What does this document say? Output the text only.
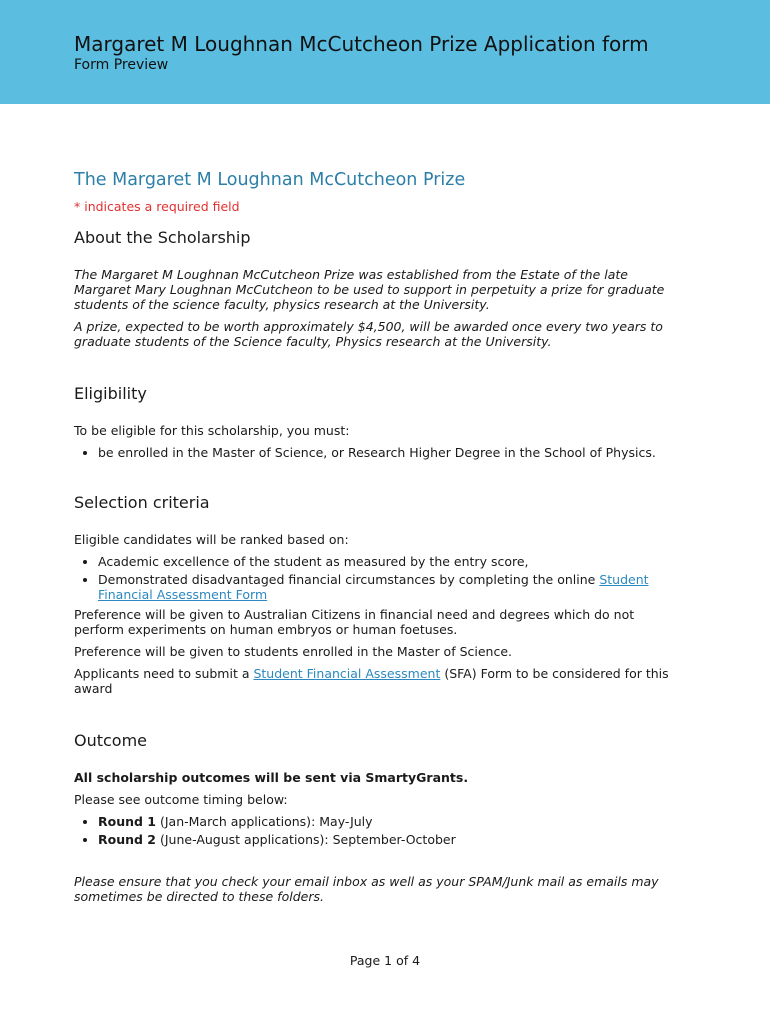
Margaret M Loughnan McCutcheon Prize Application form
Form Preview
The Margaret M Loughnan McCutcheon Prize
* indicates a required field
About the Scholarship

The Margaret M Loughnan McCutcheon Prize was established from the Estate of the late Margaret Mary Loughnan McCutcheon to be used to support in perpetuity a prize for graduate students of the science faculty, physics research at the University.

A prize, expected to be worth approximately $4,500, will be awarded once every two years to graduate students of the Science faculty, Physics research at the University.

Eligibility

To be eligible for this scholarship, you must:

• be enrolled in the Master of Science, or Research Higher Degree in the School of Physics.
Selection criteria

Eligible candidates will be ranked based on:

• Academic excellence of the student as measured by the entry score,
• Demonstrated disadvantaged financial circumstances by completing the online Student Financial Assessment Form

Preference will be given to Australian Citizens in financial need and degrees which do not perform experiments on human embryos or human foetuses.

Preference will be given to students enrolled in the Master of Science.

Applicants need to submit a Student Financial Assessment (SFA) Form to be considered for this award

Outcome

All scholarship outcomes will be sent via SmartyGrants.

Please see outcome timing below:

• Round 1 (Jan-March applications): May-July
• Round 2 (June-August applications): September-October

Please ensure that you check your email inbox as well as your SPAM/Junk mail as emails may sometimes be directed to these folders.

Page 1 of 4
